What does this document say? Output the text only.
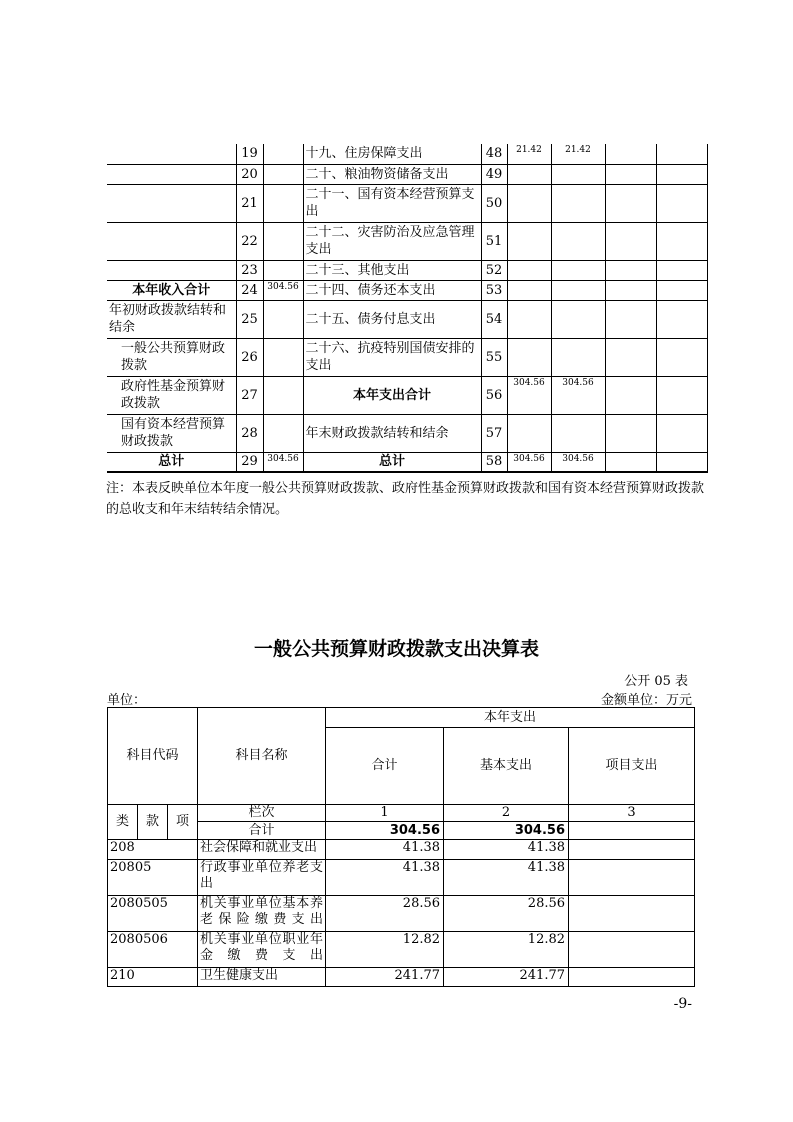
	19		十九、住房保障支出	48	21.42	21.42		
	20		二十、粮油物资储备支出	49				
	21		二十一、国有资本经营预算支出	50				
	22		二十二、灾害防治及应急管理支出	51				
	23		二十三、其他支出	52				
本年收入合计	24	304.56	二十四、债务还本支出	53				
年初财政拨款结转和结余	25		二十五、债务付息支出	54				
一般公共预算财政拨款	26		二十六、抗疫特别国债安排的支出	55				
政府性基金预算财政拨款	27		本年支出合计	56	304.56	304.56		
国有资本经营预算财政拨款	28		年末财政拨款结转和结余	57				
总计	29	304.56	总计	58	304.56	304.56		
注：本表反映单位本年度一般公共预算财政拨款、政府性基金预算财政拨款和国有资本经营预算财政拨款的总收支和年末结转结余情况。
一般公共预算财政拨款支出决算表
公开 05 表
单位：	金额单位：万元
科目代码			科目名称	本年支出		
				合计	基本支出	项目支出
类	款	项	栏次	1	2	3
			合计	304.56	304.56	
208			社会保障和就业支出	41.38	41.38	
20805			行政事业单位养老支出	41.38	41.38	
2080505			机关事业单位基本养老保险缴费支出	28.56	28.56	
2080506			机关事业单位职业年金缴费支出	12.82	12.82	
210			卫生健康支出	241.77	241.77	
-9-
